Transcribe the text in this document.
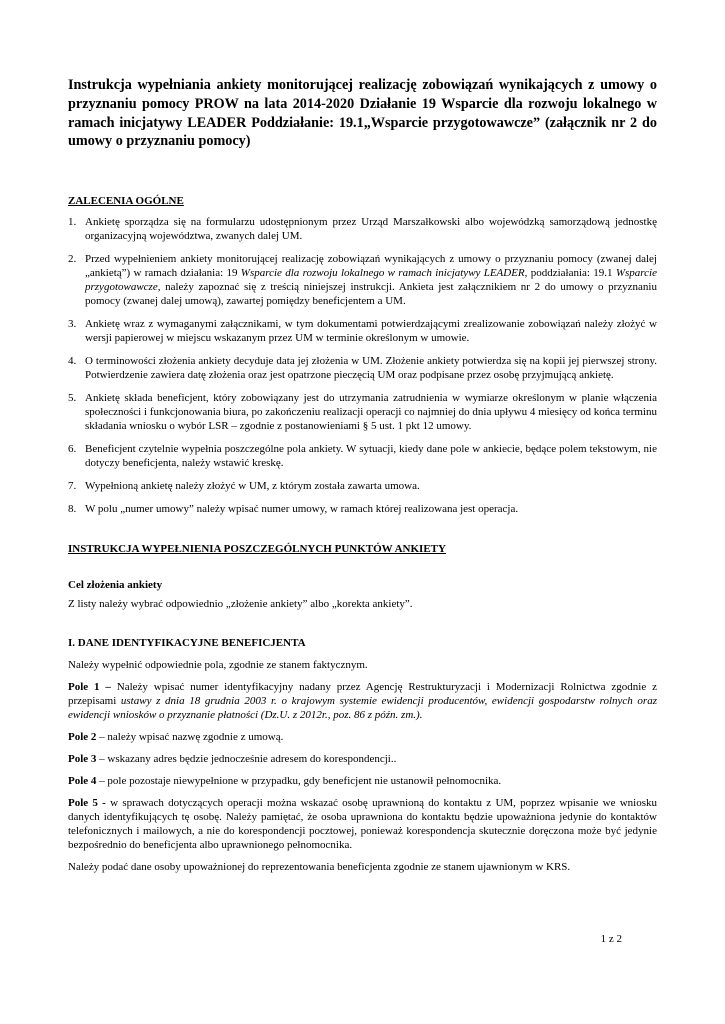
Instrukcja wypełniania ankiety monitorującej realizację zobowiązań wynikających z umowy o przyznaniu pomocy PROW na lata 2014-2020 Działanie 19 Wsparcie dla rozwoju lokalnego w ramach inicjatywy LEADER Poddziałanie: 19.1„Wsparcie przygotowawcze” (załącznik nr 2 do umowy o przyznaniu pomocy)

ZALECENIA OGÓLNE

1. Ankietę sporządza się na formularzu udostępnionym przez Urząd Marszałkowski albo wojewódzką samorządową jednostkę organizacyjną województwa, zwanych dalej UM.
2. Przed wypełnieniem ankiety monitorującej realizację zobowiązań wynikających z umowy o przyznaniu pomocy (zwanej dalej „ankietą”) w ramach działania: 19 Wsparcie dla rozwoju lokalnego w ramach inicjatywy LEADER, poddziałania: 19.1 Wsparcie przygotowawcze, należy zapoznać się z treścią niniejszej instrukcji. Ankieta jest załącznikiem nr 2 do umowy o przyznaniu pomocy (zwanej dalej umową), zawartej pomiędzy beneficjentem a UM.
3. Ankietę wraz z wymaganymi załącznikami, w tym dokumentami potwierdzającymi zrealizowanie zobowiązań należy złożyć w wersji papierowej w miejscu wskazanym przez UM w terminie określonym w umowie.
4. O terminowości złożenia ankiety decyduje data jej złożenia w UM. Złożenie ankiety potwierdza się na kopii jej pierwszej strony. Potwierdzenie zawiera datę złożenia oraz jest opatrzone pieczęcią UM oraz podpisane przez osobę przyjmującą ankietę.
5. Ankietę składa beneficjent, który zobowiązany jest do utrzymania zatrudnienia w wymiarze określonym w planie włączenia społeczności i funkcjonowania biura, po zakończeniu realizacji operacji co najmniej do dnia upływu 4 miesięcy od końca terminu składania wniosku o wybór LSR – zgodnie z postanowieniami § 5 ust. 1 pkt 12 umowy.
6. Beneficjent czytelnie wypełnia poszczególne pola ankiety. W sytuacji, kiedy dane pole w ankiecie, będące polem tekstowym, nie dotyczy beneficjenta, należy wstawić kreskę.
7. Wypełnioną ankietę należy złożyć w UM, z którym została zawarta umowa.
8. W polu „numer umowy” należy wpisać numer umowy, w ramach której realizowana jest operacja.

INSTRUKCJA WYPEŁNIENIA POSZCZEGÓLNYCH PUNKTÓW ANKIETY

Cel złożenia ankiety

Z listy należy wybrać odpowiednio „złożenie ankiety” albo „korekta ankiety”.

I. DANE IDENTYFIKACYJNE BENEFICJENTA

Należy wypełnić odpowiednie pola, zgodnie ze stanem faktycznym.

Pole 1 – Należy wpisać numer identyfikacyjny nadany przez Agencję Restrukturyzacji i Modernizacji Rolnictwa zgodnie z przepisami ustawy z dnia 18 grudnia 2003 r. o krajowym systemie ewidencji producentów, ewidencji gospodarstw rolnych oraz ewidencji wniosków o przyznanie płatności (Dz.U. z 2012r., poz. 86 z późn. zm.).

Pole 2 – należy wpisać nazwę zgodnie z umową.

Pole 3 – wskazany adres będzie jednocześnie adresem do korespondencji..

Pole 4 – pole pozostaje niewypełnione w przypadku, gdy beneficjent nie ustanowił pełnomocnika.

Pole 5 - w sprawach dotyczących operacji można wskazać osobę uprawnioną do kontaktu z UM, poprzez wpisanie we wniosku danych identyfikujących tę osobę. Należy pamiętać, że osoba uprawniona do kontaktu będzie upoważniona jedynie do kontaktów telefonicznych i mailowych, a nie do korespondencji pocztowej, ponieważ korespondencja skutecznie doręczona może być jedynie bezpośrednio do beneficjenta albo uprawnionego pełnomocnika.

Należy podać dane osoby upoważnionej do reprezentowania beneficjenta zgodnie ze stanem ujawnionym w KRS.

1 z 2
